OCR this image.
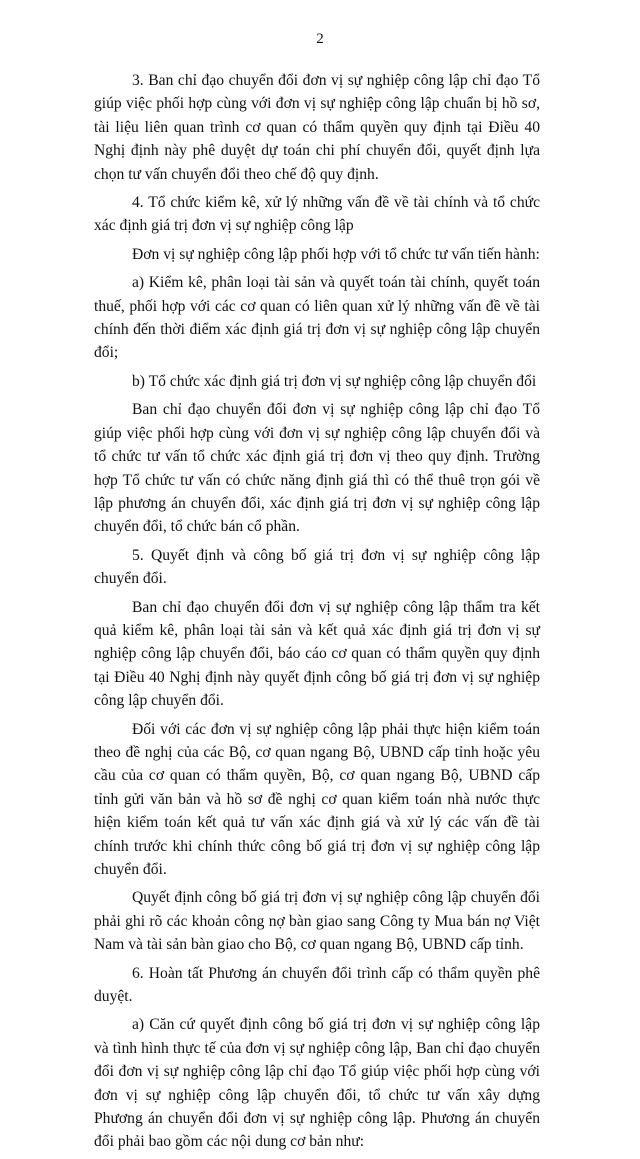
2

3. Ban chỉ đạo chuyển đổi đơn vị sự nghiệp công lập chỉ đạo Tổ giúp việc phối hợp cùng với đơn vị sự nghiệp công lập chuẩn bị hồ sơ, tài liệu liên quan trình cơ quan có thẩm quyền quy định tại Điều 40 Nghị định này phê duyệt dự toán chi phí chuyển đổi, quyết định lựa chọn tư vấn chuyển đổi theo chế độ quy định.

4. Tổ chức kiểm kê, xử lý những vấn đề về tài chính và tổ chức xác định giá trị đơn vị sự nghiệp công lập

Đơn vị sự nghiệp công lập phối hợp với tổ chức tư vấn tiến hành:

a) Kiểm kê, phân loại tài sản và quyết toán tài chính, quyết toán thuế, phối hợp với các cơ quan có liên quan xử lý những vấn đề về tài chính đến thời điểm xác định giá trị đơn vị sự nghiệp công lập chuyển đổi;

b) Tổ chức xác định giá trị đơn vị sự nghiệp công lập chuyển đổi

Ban chỉ đạo chuyển đổi đơn vị sự nghiệp công lập chỉ đạo Tổ giúp việc phối hợp cùng với đơn vị sự nghiệp công lập chuyển đổi và tổ chức tư vấn tổ chức xác định giá trị đơn vị theo quy định. Trường hợp Tổ chức tư vấn có chức năng định giá thì có thể thuê trọn gói về lập phương án chuyển đổi, xác định giá trị đơn vị sự nghiệp công lập chuyển đổi, tổ chức bán cổ phần.

5. Quyết định và công bố giá trị đơn vị sự nghiệp công lập chuyển đổi.

Ban chỉ đạo chuyển đổi đơn vị sự nghiệp công lập thẩm tra kết quả kiểm kê, phân loại tài sản và kết quả xác định giá trị đơn vị sự nghiệp công lập chuyển đổi, báo cáo cơ quan có thẩm quyền quy định tại Điều 40 Nghị định này quyết định công bố giá trị đơn vị sự nghiệp công lập chuyển đổi.

Đối với các đơn vị sự nghiệp công lập phải thực hiện kiểm toán theo đề nghị của các Bộ, cơ quan ngang Bộ, UBND cấp tỉnh hoặc yêu cầu của cơ quan có thẩm quyền, Bộ, cơ quan ngang Bộ, UBND cấp tỉnh gửi văn bản và hồ sơ đề nghị cơ quan kiểm toán nhà nước thực hiện kiểm toán kết quả tư vấn xác định giá và xử lý các vấn đề tài chính trước khi chính thức công bố giá trị đơn vị sự nghiệp công lập chuyển đổi.

Quyết định công bố giá trị đơn vị sự nghiệp công lập chuyển đổi phải ghi rõ các khoản công nợ bàn giao sang Công ty Mua bán nợ Việt Nam và tài sản bàn giao cho Bộ, cơ quan ngang Bộ, UBND cấp tỉnh.

6. Hoàn tất Phương án chuyển đổi trình cấp có thẩm quyền phê duyệt.

a) Căn cứ quyết định công bố giá trị đơn vị sự nghiệp công lập và tình hình thực tế của đơn vị sự nghiệp công lập, Ban chỉ đạo chuyển đổi đơn vị sự nghiệp công lập chỉ đạo Tổ giúp việc phối hợp cùng với đơn vị sự nghiệp công lập chuyển đổi, tổ chức tư vấn xây dựng Phương án chuyển đổi đơn vị sự nghiệp công lập. Phương án chuyển đổi phải bao gồm các nội dung cơ bản như:
